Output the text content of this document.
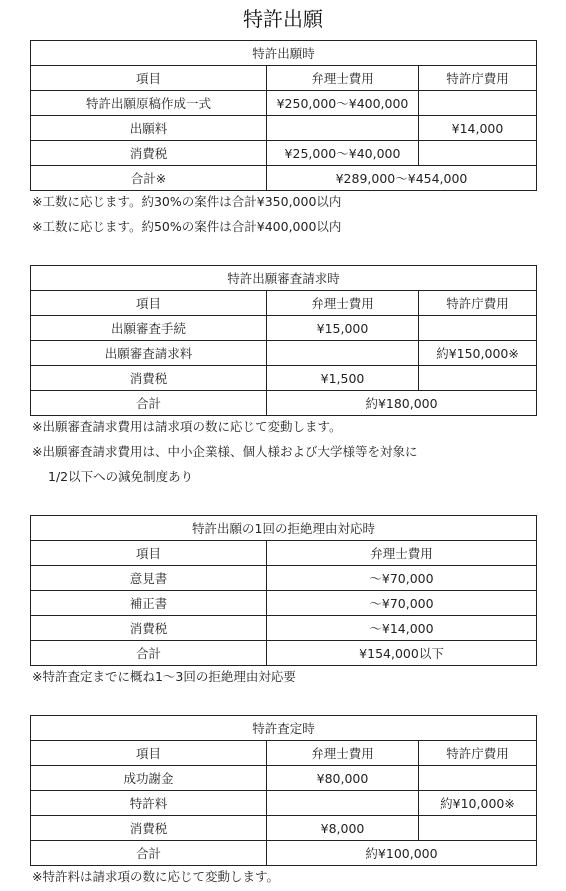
特許出願
特許出願時		
項目	弁理士費用	特許庁費用
特許出願原稿作成一式	¥250,000〜¥400,000	
出願料		¥14,000
消費税	¥25,000〜¥40,000	
合計※	¥289,000〜¥454,000	
※工数に応じます。約30%の案件は合計¥350,000以内
※工数に応じます。約50%の案件は合計¥400,000以内
特許出願審査請求時		
項目	弁理士費用	特許庁費用
出願審査手続	¥15,000	
出願審査請求料		約¥150,000※
消費税	¥1,500	
合計	約¥180,000	
※出願審査請求費用は請求項の数に応じて変動します。
※出願審査請求費用は、中小企業様、個人様および大学様等を対象に
1/2以下への減免制度あり
特許出願の1回の拒絶理由対応時	
項目	弁理士費用
意見書	〜¥70,000
補正書	〜¥70,000
消費税	〜¥14,000
合計	¥154,000以下
※特許査定までに概ね1〜3回の拒絶理由対応要
特許査定時		
項目	弁理士費用	特許庁費用
成功謝金	¥80,000	
特許料		約¥10,000※
消費税	¥8,000	
合計	約¥100,000	
※特許料は請求項の数に応じて変動します。
